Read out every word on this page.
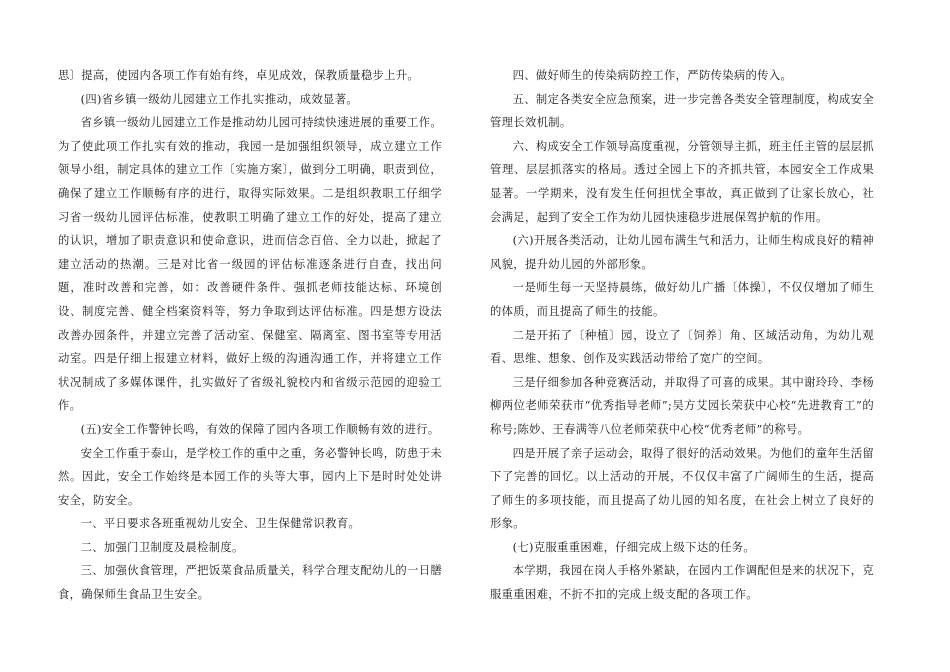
思〕提高，使园内各项工作有始有终，卓见成效，保教质量稳步上升。

(四)省乡镇一级幼儿园建立工作扎实推动，成效显著。

省乡镇一级幼儿园建立工作是推动幼儿园可持续快速进展的重要工作。为了使此项工作扎实有效的推动，我园一是加强组织领导，成立建立工作领导小组，制定具体的建立工作〔实施方案〕，做到分工明确，职责到位，确保了建立工作顺畅有序的进行，取得实际效果。二是组织教职工仔细学习省一级幼儿园评估标准，使教职工明确了建立工作的好处，提高了建立的认识，增加了职责意识和使命意识，进而信念百倍、全力以赴，掀起了建立活动的热潮。三是对比省一级园的评估标准逐条进行自查，找出问题，准时改善和完善，如：改善硬件条件、强抓老师技能达标、环境创设、制度完善、健全档案资料等，努力争取到达评估标准。四是想方设法改善办园条件，并建立完善了活动室、保健室、隔离室、图书室等专用活动室。四是仔细上报建立材料，做好上级的沟通沟通工作，并将建立工作状况制成了多媒体课件，扎实做好了省级礼貌校内和省级示范园的迎验工作。

(五)安全工作警钟长鸣，有效的保障了园内各项工作顺畅有效的进行。

安全工作重于泰山，是学校工作的重中之重，务必警钟长鸣，防患于未然。因此，安全工作始终是本园工作的头等大事，园内上下是时时处处讲安全，防安全。

一、平日要求各班重视幼儿安全、卫生保健常识教育。

二、加强门卫制度及晨检制度。

三、加强伙食管理，严把饭菜食品质量关，科学合理支配幼儿的一日膳食，确保师生食品卫生安全。

四、做好师生的传染病防控工作，严防传染病的传入。

五、制定各类安全应急预案，进一步完善各类安全管理制度，构成安全管理长效机制。

六、构成安全工作领导高度重视，分管领导主抓，班主任主管的层层抓管理、层层抓落实的格局。透过全园上下的齐抓共管，本园安全工作成果显著。一学期来，没有发生任何担忧全事故，真正做到了让家长放心，社会满足，起到了安全工作为幼儿园快速稳步进展保驾护航的作用。

(六)开展各类活动，让幼儿园布满生气和活力，让师生构成良好的精神风貌，提升幼儿园的外部形象。

一是师生每一天坚持晨练，做好幼儿广播〔体操〕，不仅仅增加了师生的体质，而且提高了师生的技能。

二是开拓了〔种植〕园，设立了〔饲养〕角、区域活动角，为幼儿观看、思维、想象、创作及实践活动带给了宽广的空间。

三是仔细参加各种竞赛活动，并取得了可喜的成果。其中谢玲玲、李杨柳两位老师荣获市“优秀指导老师”;吴方艾园长荣获中心校“先进教育工”的称号;陈妙、王春满等八位老师荣获中心校“优秀老师”的称号。

四是开展了亲子运动会，取得了很好的活动效果。为他们的童年生活留下了完善的回忆。以上活动的开展，不仅仅丰富了广阔师生的生活，提高了师生的多项技能，而且提高了幼儿园的知名度，在社会上树立了良好的形象。

(七)克服重重困难，仔细完成上级下达的任务。

本学期，我园在岗人手格外紧缺，在园内工作调配但是来的状况下，克服重重困难，不折不扣的完成上级支配的各项工作。
